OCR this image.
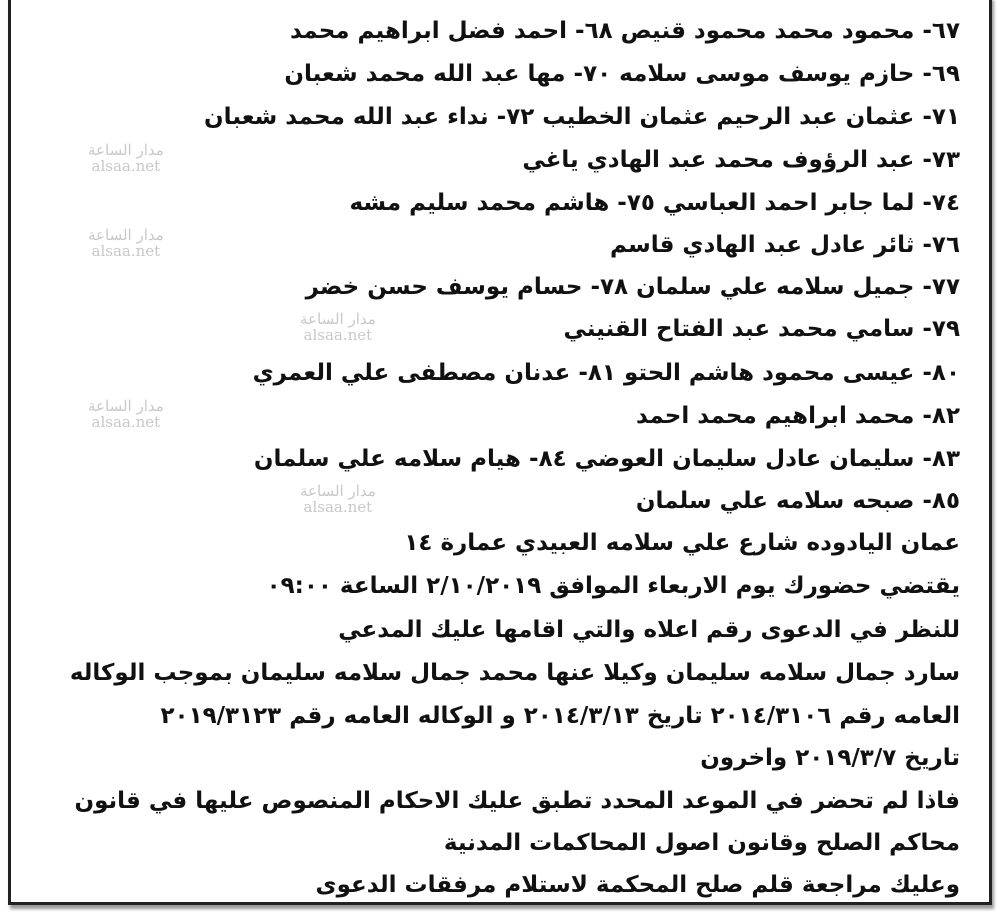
٦٧- محمود محمد محمود قنيص ٦٨- احمد فضل ابراهيم محمد
٦٩- حازم يوسف موسى سلامه ٧٠- مها عبد الله محمد شعبان
٧١- عثمان عبد الرحيم عثمان الخطيب ٧٢- نداء عبد الله محمد شعبان
٧٣- عبد الرؤوف محمد عبد الهادي ياغي
٧٤- لما جابر احمد العباسي ٧٥- هاشم محمد سليم مشه
٧٦- ثائر عادل عبد الهادي قاسم
٧٧- جميل سلامه علي سلمان ٧٨- حسام يوسف حسن خضر
٧٩- سامي محمد عبد الفتاح القنيني
٨٠- عيسى محمود هاشم الحتو ٨١- عدنان مصطفى علي العمري
٨٢- محمد ابراهيم محمد احمد
٨٣- سليمان عادل سليمان العوضي ٨٤- هيام سلامه علي سلمان
٨٥- صبحه سلامه علي سلمان
عمان اليادوده شارع علي سلامه العبيدي عمارة ١٤
يقتضي حضورك يوم الاربعاء الموافق ٢/١٠/٢٠١٩ الساعة ٠٩:٠٠
للنظر في الدعوى رقم اعلاه والتي اقامها عليك المدعي
سارد جمال سلامه سليمان وكيلا عنها محمد جمال سلامه سليمان بموجب الوكاله
العامه رقم ٢٠١٤/٣١٠٦ تاريخ ٢٠١٤/٣/١٣ و الوكاله العامه رقم ٢٠١٩/٣١٢٣
تاريخ ٢٠١٩/٣/٧ واخرون
فاذا لم تحضر في الموعد المحدد تطبق عليك الاحكام المنصوص عليها في قانون
محاكم الصلح وقانون اصول المحاكمات المدنية
وعليك مراجعة قلم صلح المحكمة لاستلام مرفقات الدعوى
مدار الساعة
alsaa.net
مدار الساعة
alsaa.net
مدار الساعة
alsaa.net
مدار الساعة
alsaa.net
مدار الساعة
alsaa.net
